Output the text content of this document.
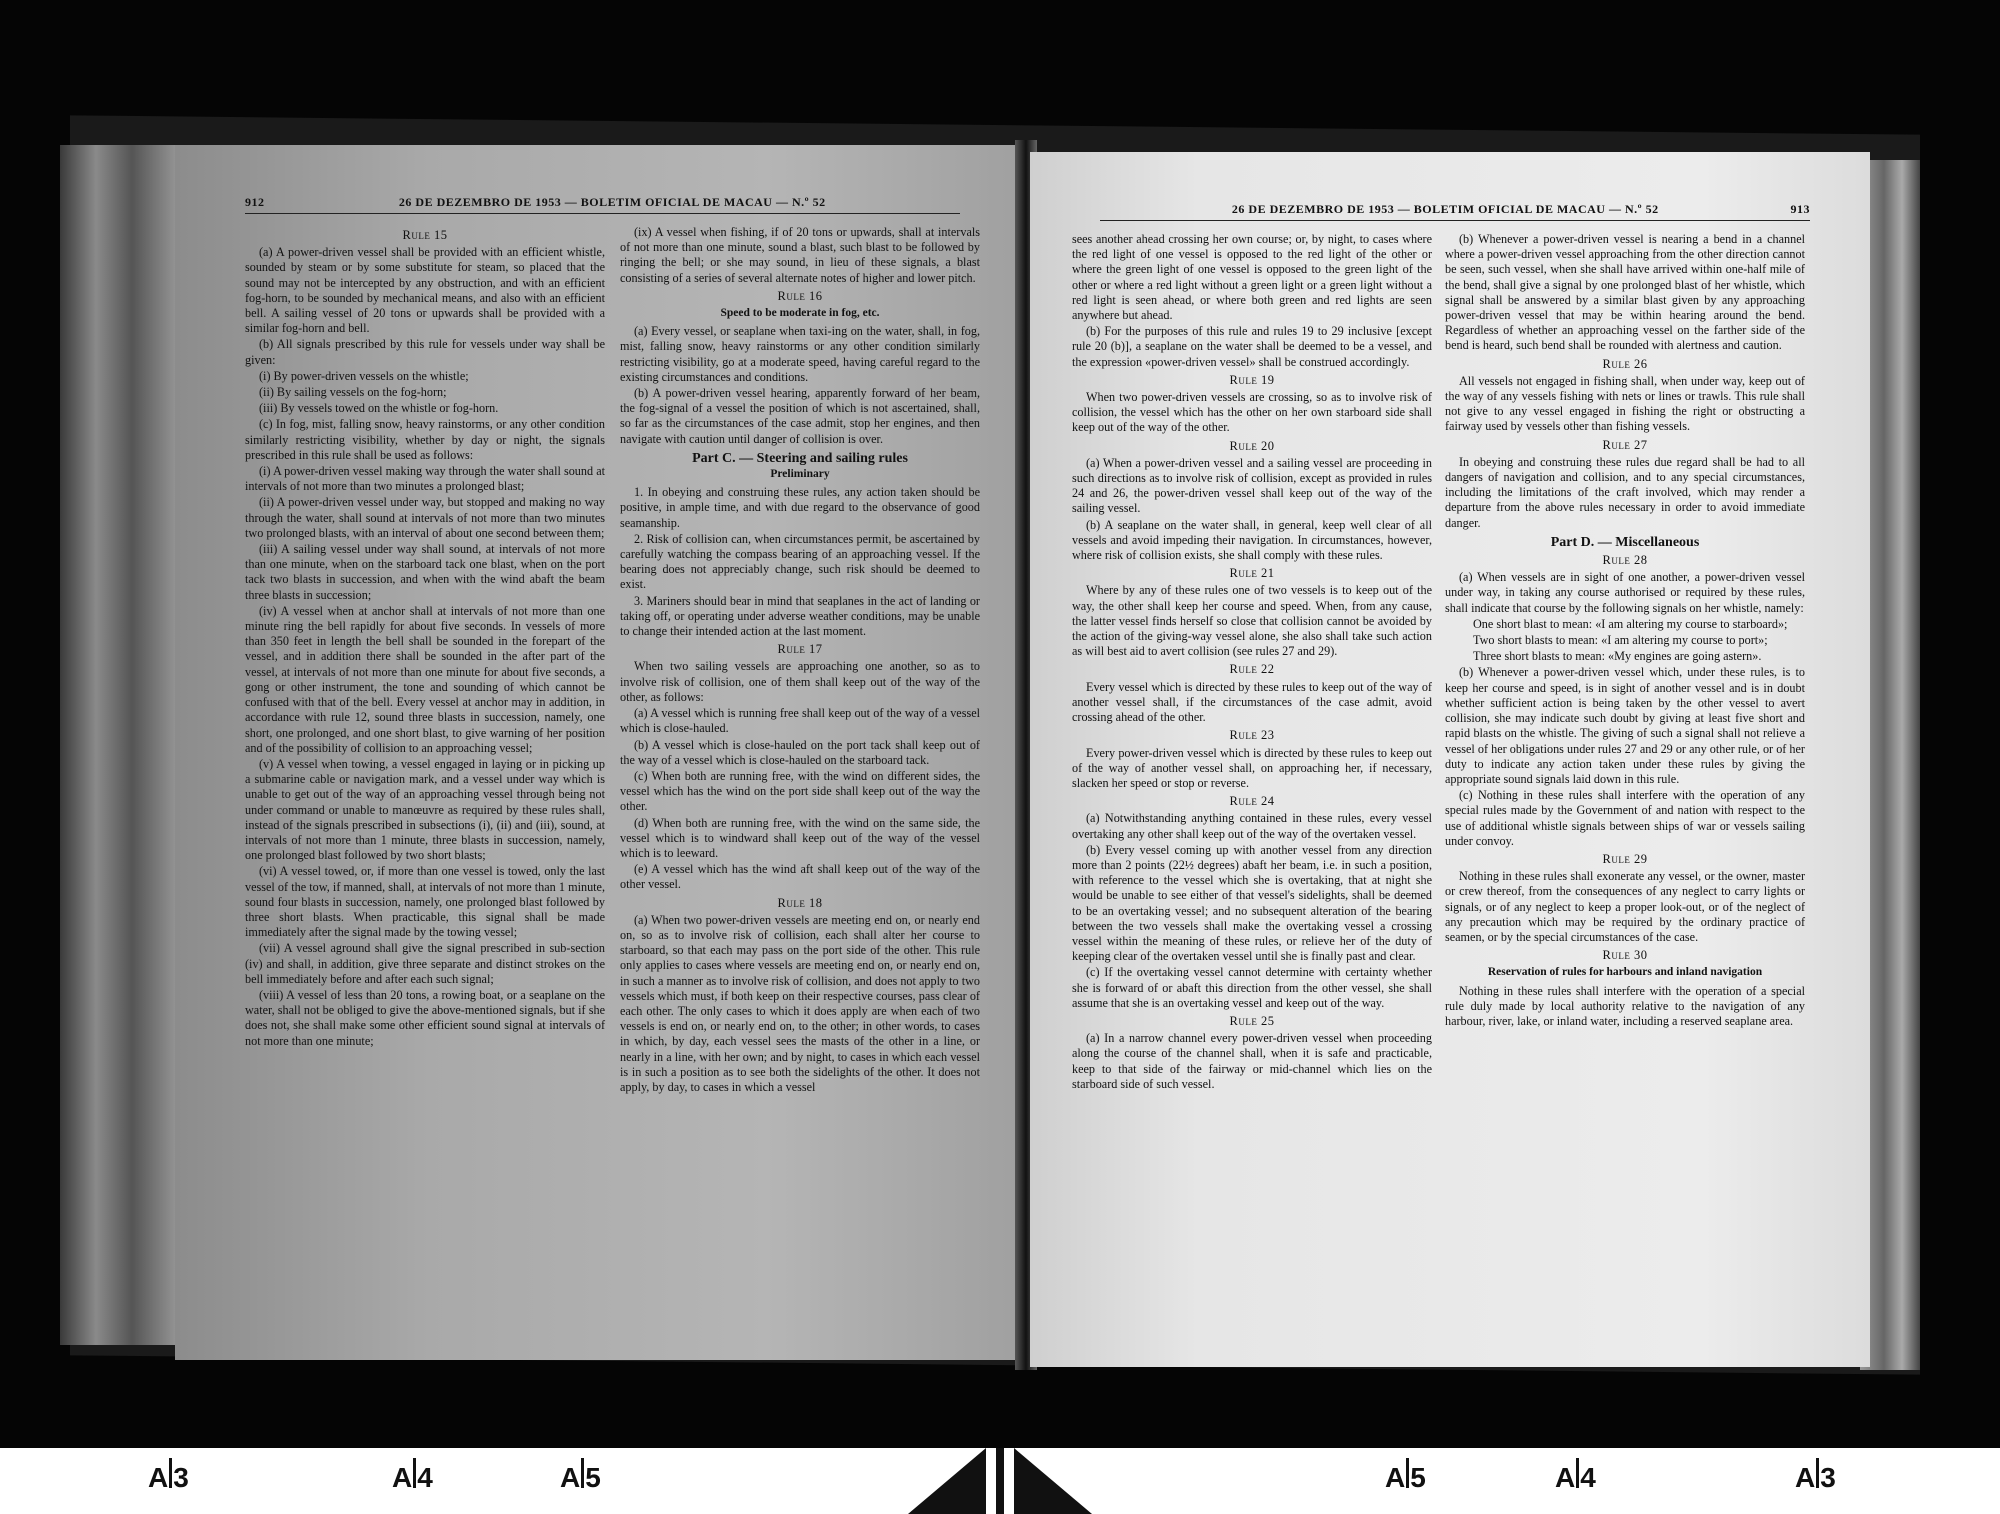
912	26 DE DEZEMBRO DE 1953 — BOLETIM OFICIAL DE MACAU — N.º 52
Rule 15

(a) A power-driven vessel shall be provided with an efficient whistle, sounded by steam or by some substitute for steam, so placed that the sound may not be intercepted by any obstruction, and with an efficient fog-horn, to be sounded by mechanical means, and also with an efficient bell. A sailing vessel of 20 tons or upwards shall be provided with a similar fog-horn and bell.

(b) All signals prescribed by this rule for vessels under way shall be given:

(i) By power-driven vessels on the whistle;

(ii) By sailing vessels on the fog-horn;

(iii) By vessels towed on the whistle or fog-horn.

(c) In fog, mist, falling snow, heavy rainstorms, or any other condition similarly restricting visibility, whether by day or night, the signals prescribed in this rule shall be used as follows:

(i) A power-driven vessel making way through the water shall sound at intervals of not more than two minutes a prolonged blast;

(ii) A power-driven vessel under way, but stopped and making no way through the water, shall sound at intervals of not more than two minutes two prolonged blasts, with an interval of about one second between them;

(iii) A sailing vessel under way shall sound, at intervals of not more than one minute, when on the starboard tack one blast, when on the port tack two blasts in succession, and when with the wind abaft the beam three blasts in succession;

(iv) A vessel when at anchor shall at intervals of not more than one minute ring the bell rapidly for about five seconds. In vessels of more than 350 feet in length the bell shall be sounded in the forepart of the vessel, and in addition there shall be sounded in the after part of the vessel, at intervals of not more than one minute for about five seconds, a gong or other instrument, the tone and sounding of which cannot be confused with that of the bell. Every vessel at anchor may in addition, in accordance with rule 12, sound three blasts in succession, namely, one short, one prolonged, and one short blast, to give warning of her position and of the possibility of collision to an approaching vessel;

(v) A vessel when towing, a vessel engaged in laying or in picking up a submarine cable or navigation mark, and a vessel under way which is unable to get out of the way of an approaching vessel through being not under command or unable to manœuvre as required by these rules shall, instead of the signals prescribed in subsections (i), (ii) and (iii), sound, at intervals of not more than 1 minute, three blasts in succession, namely, one prolonged blast followed by two short blasts;

(vi) A vessel towed, or, if more than one vessel is towed, only the last vessel of the tow, if manned, shall, at intervals of not more than 1 minute, sound four blasts in succession, namely, one prolonged blast followed by three short blasts. When practicable, this signal shall be made immediately after the signal made by the towing vessel;

(vii) A vessel aground shall give the signal prescribed in sub-section (iv) and shall, in addition, give three separate and distinct strokes on the bell immediately before and after each such signal;

(viii) A vessel of less than 20 tons, a rowing boat, or a seaplane on the water, shall not be obliged to give the above-mentioned signals, but if she does not, she shall make some other efficient sound signal at intervals of not more than one minute;

(ix) A vessel when fishing, if of 20 tons or upwards, shall at intervals of not more than one minute, sound a blast, such blast to be followed by ringing the bell; or she may sound, in lieu of these signals, a blast consisting of a series of several alternate notes of higher and lower pitch.

Rule 16
Speed to be moderate in fog, etc.

(a) Every vessel, or seaplane when taxi-ing on the water, shall, in fog, mist, falling snow, heavy rainstorms or any other condition similarly restricting visibility, go at a moderate speed, having careful regard to the existing circumstances and conditions.

(b) A power-driven vessel hearing, apparently forward of her beam, the fog-signal of a vessel the position of which is not ascertained, shall, so far as the circumstances of the case admit, stop her engines, and then navigate with caution until danger of collision is over.

Part C. — Steering and sailing rules
Preliminary

1. In obeying and construing these rules, any action taken should be positive, in ample time, and with due regard to the observance of good seamanship.

2. Risk of collision can, when circumstances permit, be ascertained by carefully watching the compass bearing of an approaching vessel. If the bearing does not appreciably change, such risk should be deemed to exist.

3. Mariners should bear in mind that seaplanes in the act of landing or taking off, or operating under adverse weather conditions, may be unable to change their intended action at the last moment.

Rule 17

When two sailing vessels are approaching one another, so as to involve risk of collision, one of them shall keep out of the way of the other, as follows:

(a) A vessel which is running free shall keep out of the way of a vessel which is close-hauled.

(b) A vessel which is close-hauled on the port tack shall keep out of the way of a vessel which is close-hauled on the starboard tack.

(c) When both are running free, with the wind on different sides, the vessel which has the wind on the port side shall keep out of the way the other.

(d) When both are running free, with the wind on the same side, the vessel which is to windward shall keep out of the way of the vessel which is to leeward.

(e) A vessel which has the wind aft shall keep out of the way of the other vessel.

Rule 18

(a) When two power-driven vessels are meeting end on, or nearly end on, so as to involve risk of collision, each shall alter her course to starboard, so that each may pass on the port side of the other. This rule only applies to cases where vessels are meeting end on, or nearly end on, in such a manner as to involve risk of collision, and does not apply to two vessels which must, if both keep on their respective courses, pass clear of each other. The only cases to which it does apply are when each of two vessels is end on, or nearly end on, to the other; in other words, to cases in which, by day, each vessel sees the masts of the other in a line, or nearly in a line, with her own; and by night, to cases in which each vessel is in such a position as to see both the sidelights of the other. It does not apply, by day, to cases in which a vessel

26 DE DEZEMBRO DE 1953 — BOLETIM OFICIAL DE MACAU — N.º 52	913

sees another ahead crossing her own course; or, by night, to cases where the red light of one vessel is opposed to the red light of the other or where the green light of one vessel is opposed to the green light of the other or where a red light without a green light or a green light without a red light is seen ahead, or where both green and red lights are seen anywhere but ahead.

(b) For the purposes of this rule and rules 19 to 29 inclusive [except rule 20 (b)], a seaplane on the water shall be deemed to be a vessel, and the expression «power-driven vessel» shall be construed accordingly.

Rule 19

When two power-driven vessels are crossing, so as to involve risk of collision, the vessel which has the other on her own starboard side shall keep out of the way of the other.

Rule 20

(a) When a power-driven vessel and a sailing vessel are proceeding in such directions as to involve risk of collision, except as provided in rules 24 and 26, the power-driven vessel shall keep out of the way of the sailing vessel.

(b) A seaplane on the water shall, in general, keep well clear of all vessels and avoid impeding their navigation. In circumstances, however, where risk of collision exists, she shall comply with these rules.

Rule 21

Where by any of these rules one of two vessels is to keep out of the way, the other shall keep her course and speed. When, from any cause, the latter vessel finds herself so close that collision cannot be avoided by the action of the giving-way vessel alone, she also shall take such action as will best aid to avert collision (see rules 27 and 29).

Rule 22

Every vessel which is directed by these rules to keep out of the way of another vessel shall, if the circumstances of the case admit, avoid crossing ahead of the other.

Rule 23

Every power-driven vessel which is directed by these rules to keep out of the way of another vessel shall, on approaching her, if necessary, slacken her speed or stop or reverse.

Rule 24

(a) Notwithstanding anything contained in these rules, every vessel overtaking any other shall keep out of the way of the overtaken vessel.

(b) Every vessel coming up with another vessel from any direction more than 2 points (22½ degrees) abaft her beam, i.e. in such a position, with reference to the vessel which she is overtaking, that at night she would be unable to see either of that vessel's sidelights, shall be deemed to be an overtaking vessel; and no subsequent alteration of the bearing between the two vessels shall make the overtaking vessel a crossing vessel within the meaning of these rules, or relieve her of the duty of keeping clear of the overtaken vessel until she is finally past and clear.

(c) If the overtaking vessel cannot determine with certainty whether she is forward of or abaft this direction from the other vessel, she shall assume that she is an overtaking vessel and keep out of the way.

Rule 25

(a) In a narrow channel every power-driven vessel when proceeding along the course of the channel shall, when it is safe and practicable, keep to that side of the fairway or mid-channel which lies on the starboard side of such vessel.

(b) Whenever a power-driven vessel is nearing a bend in a channel where a power-driven vessel approaching from the other direction cannot be seen, such vessel, when she shall have arrived within one-half mile of the bend, shall give a signal by one prolonged blast of her whistle, which signal shall be answered by a similar blast given by any approaching power-driven vessel that may be within hearing around the bend. Regardless of whether an approaching vessel on the farther side of the bend is heard, such bend shall be rounded with alertness and caution.

Rule 26

All vessels not engaged in fishing shall, when under way, keep out of the way of any vessels fishing with nets or lines or trawls. This rule shall not give to any vessel engaged in fishing the right or obstructing a fairway used by vessels other than fishing vessels.

Rule 27

In obeying and construing these rules due regard shall be had to all dangers of navigation and collision, and to any special circumstances, including the limitations of the craft involved, which may render a departure from the above rules necessary in order to avoid immediate danger.

Part D. — Miscellaneous
Rule 28

(a) When vessels are in sight of one another, a power-driven vessel under way, in taking any course authorised or required by these rules, shall indicate that course by the following signals on her whistle, namely:

One short blast to mean: «I am altering my course to starboard»;

Two short blasts to mean: «I am altering my course to port»;

Three short blasts to mean: «My engines are going astern».

(b) Whenever a power-driven vessel which, under these rules, is to keep her course and speed, is in sight of another vessel and is in doubt whether sufficient action is being taken by the other vessel to avert collision, she may indicate such doubt by giving at least five short and rapid blasts on the whistle. The giving of such a signal shall not relieve a vessel of her obligations under rules 27 and 29 or any other rule, or of her duty to indicate any action taken under these rules by giving the appropriate sound signals laid down in this rule.

(c) Nothing in these rules shall interfere with the operation of any special rules made by the Government of and nation with respect to the use of additional whistle signals between ships of war or vessels sailing under convoy.

Rule 29

Nothing in these rules shall exonerate any vessel, or the owner, master or crew thereof, from the consequences of any neglect to carry lights or signals, or of any neglect to keep a proper look-out, or of the neglect of any precaution which may be required by the ordinary practice of seamen, or by the special circumstances of the case.

Rule 30
Reservation of rules for harbours and inland navigation

Nothing in these rules shall interfere with the operation of a special rule duly made by local authority relative to the navigation of any harbour, river, lake, or inland water, including a reserved seaplane area.

A 3	A 4	A 5	A 5	A 4	A 3
